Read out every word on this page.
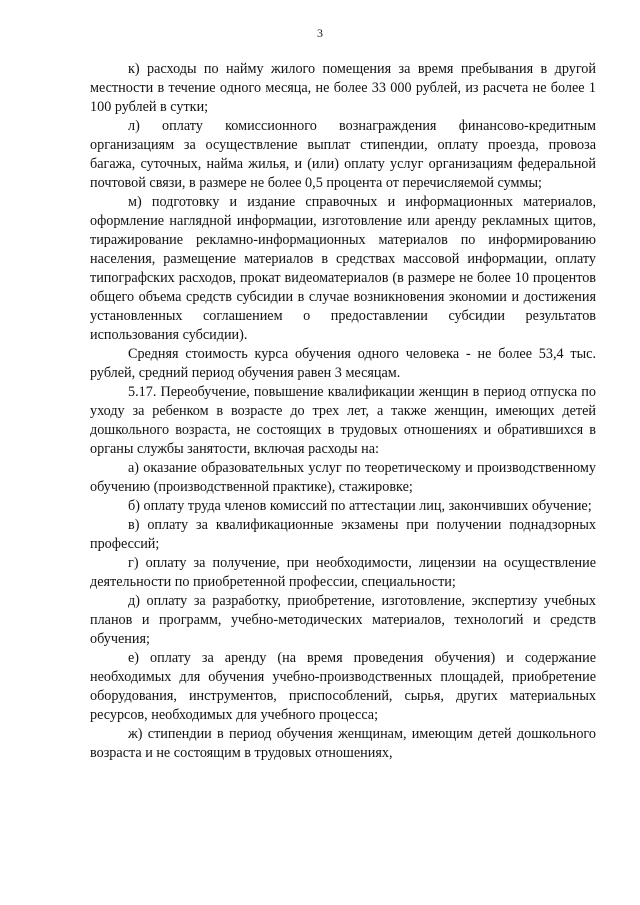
3

к) расходы по найму жилого помещения за время пребывания в другой местности в течение одного месяца, не более 33 000 рублей, из расчета не более 1 100 рублей в сутки;

л) оплату комиссионного вознаграждения финансово-кредитным организациям за осуществление выплат стипендии, оплату проезда, провоза багажа, суточных, найма жилья, и (или) оплату услуг организациям федеральной почтовой связи, в размере не более 0,5 процента от перечисляемой суммы;

м) подготовку и издание справочных и информационных материалов, оформление наглядной информации, изготовление или аренду рекламных щитов, тиражирование рекламно-информационных материалов по информированию населения, размещение материалов в средствах массовой информации, оплату типографских расходов, прокат видеоматериалов (в размере не более 10 процентов общего объема средств субсидии в случае возникновения экономии и достижения установленных соглашением о предоставлении субсидии результатов использования субсидии).

Средняя стоимость курса обучения одного человека - не более 53,4 тыс. рублей, средний период обучения равен 3 месяцам.

5.17. Переобучение, повышение квалификации женщин в период отпуска по уходу за ребенком в возрасте до трех лет, а также женщин, имеющих детей дошкольного возраста, не состоящих в трудовых отношениях и обратившихся в органы службы занятости, включая расходы на:

а) оказание образовательных услуг по теоретическому и производственному обучению (производственной практике), стажировке;

б) оплату труда членов комиссий по аттестации лиц, закончивших обучение;

в) оплату за квалификационные экзамены при получении поднадзорных профессий;

г) оплату за получение, при необходимости, лицензии на осуществление деятельности по приобретенной профессии, специальности;

д) оплату за разработку, приобретение, изготовление, экспертизу учебных планов и программ, учебно-методических материалов, технологий и средств обучения;

е) оплату за аренду (на время проведения обучения) и содержание необходимых для обучения учебно-производственных площадей, приобретение оборудования, инструментов, приспособлений, сырья, других материальных ресурсов, необходимых для учебного процесса;

ж) стипендии в период обучения женщинам, имеющим детей дошкольного возраста и не состоящим в трудовых отношениях,
